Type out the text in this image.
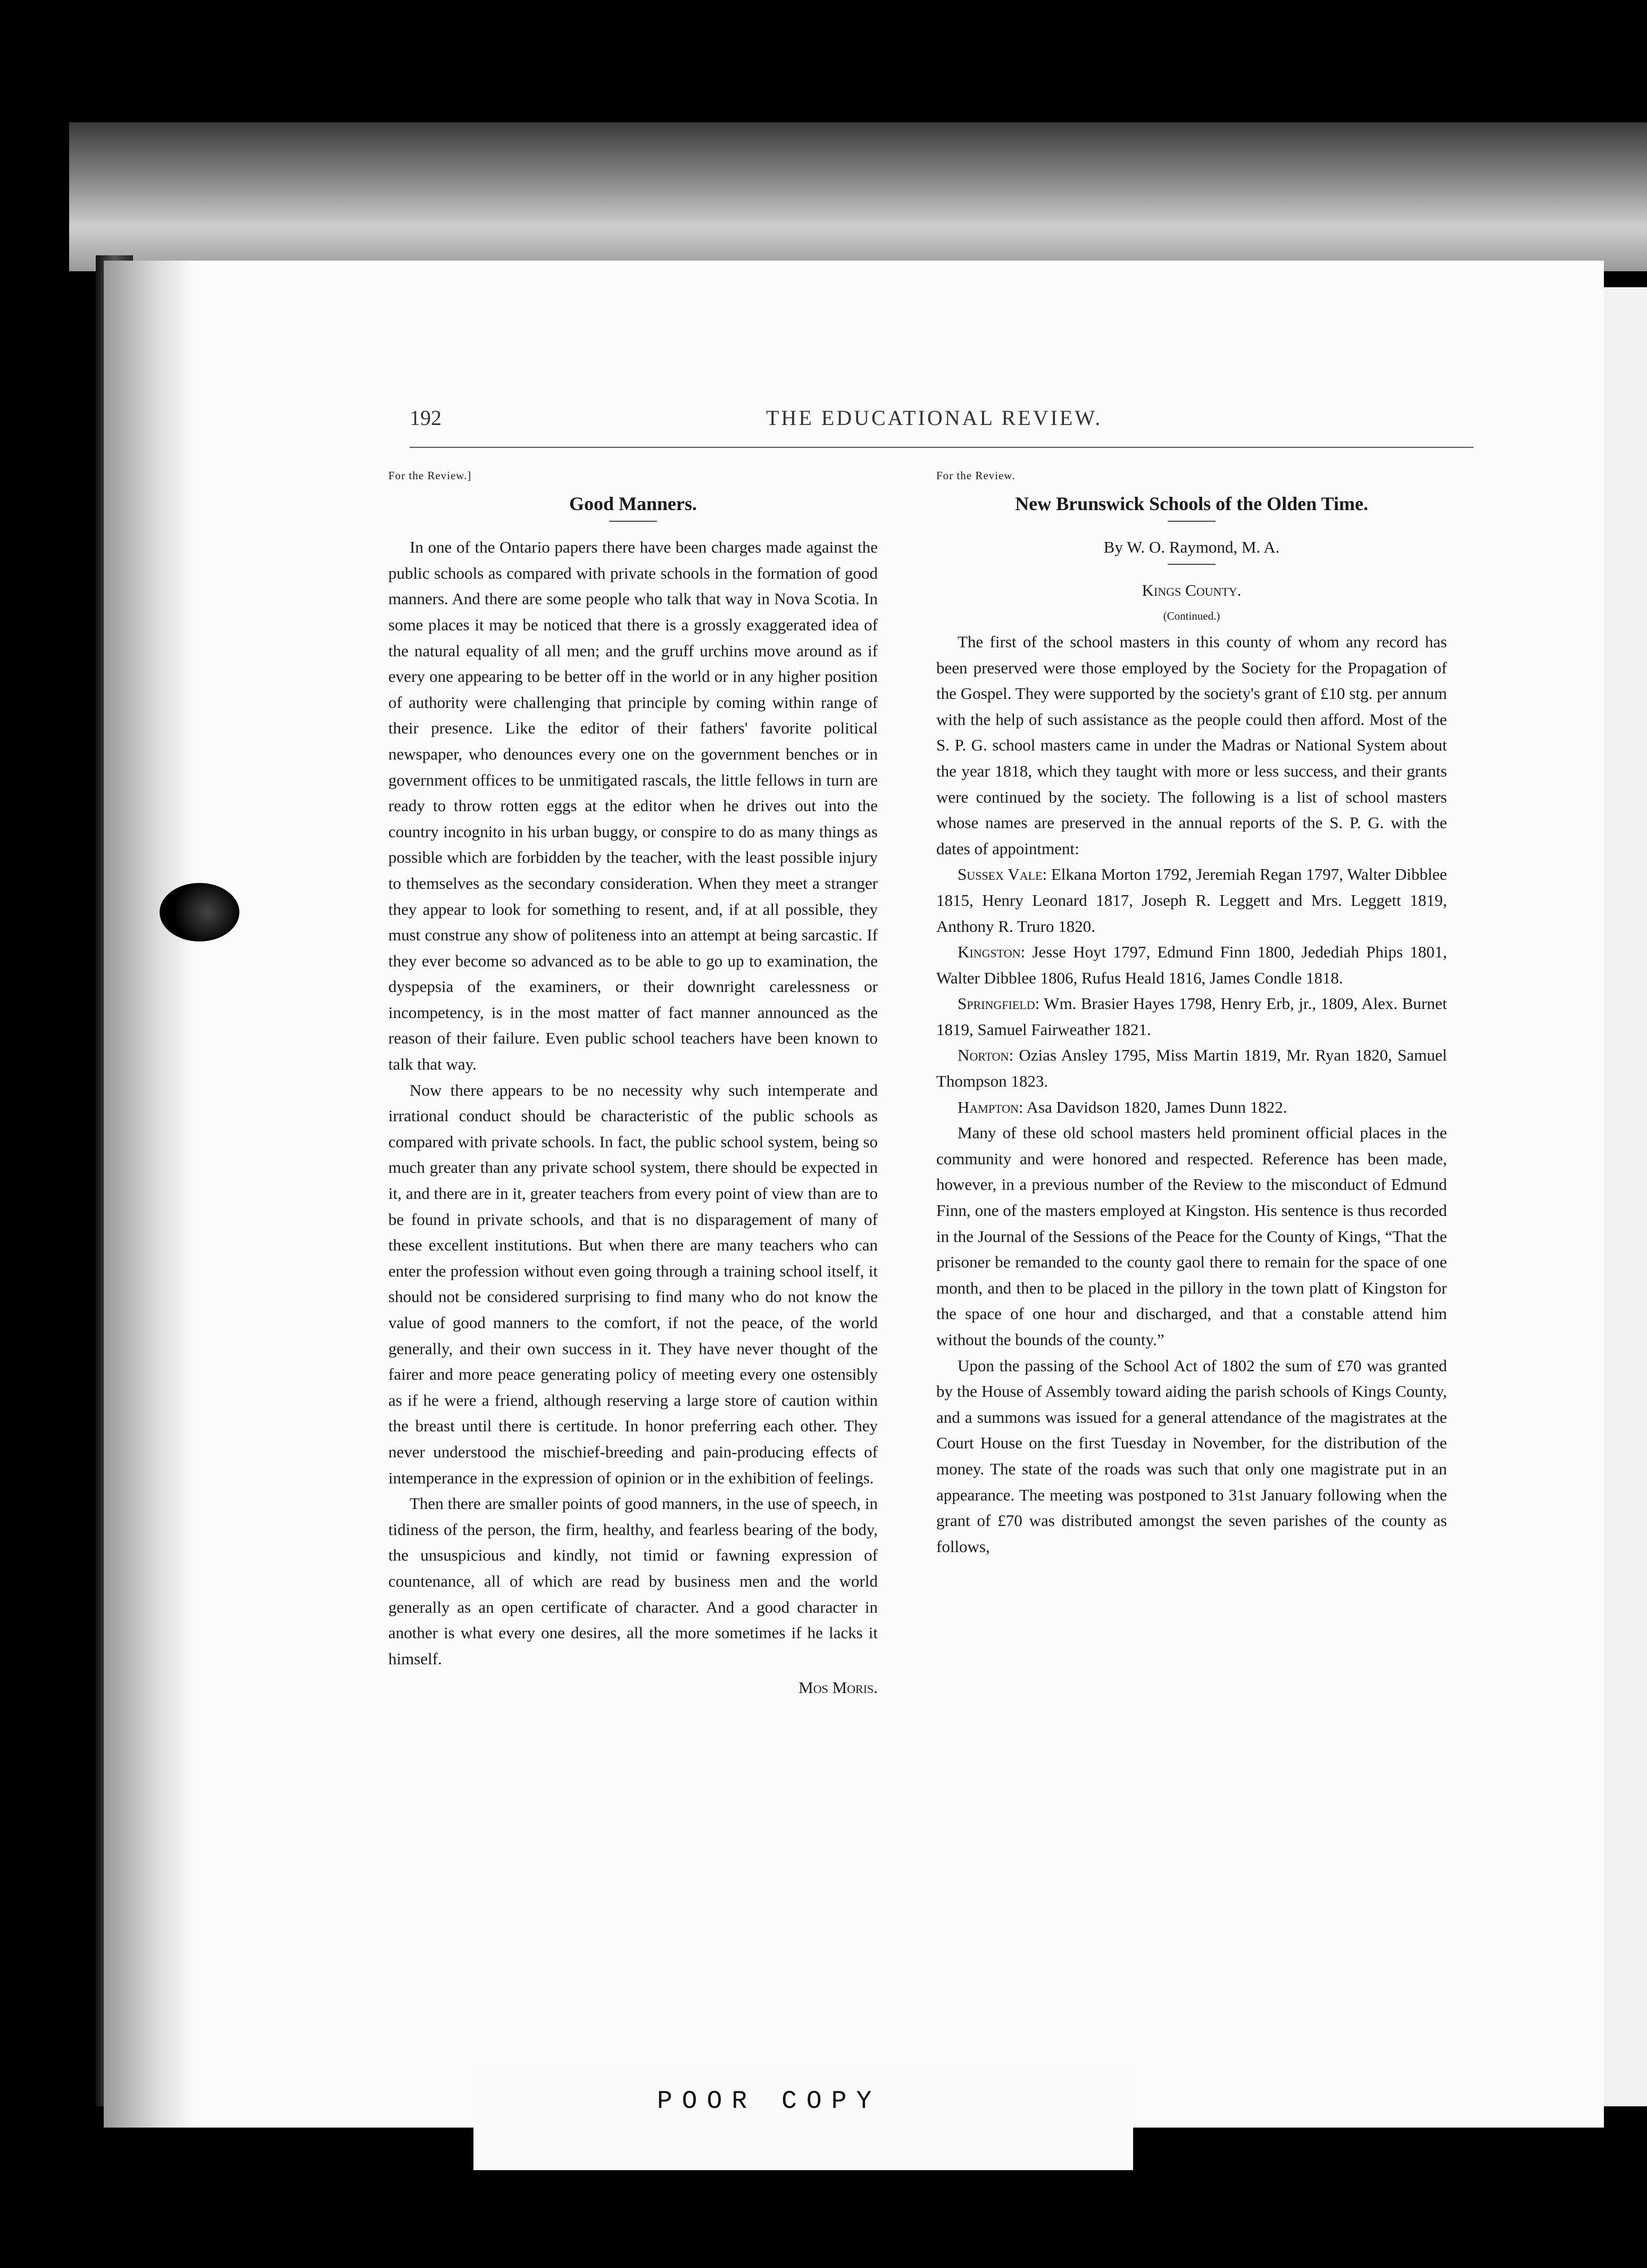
192	THE EDUCATIONAL REVIEW.
For the Review.]
Good Manners.

In one of the Ontario papers there have been charges made against the public schools as compared with private schools in the formation of good manners. And there are some people who talk that way in Nova Scotia. In some places it may be noticed that there is a grossly exaggerated idea of the natural equality of all men; and the gruff urchins move around as if every one appearing to be better off in the world or in any higher position of authority were challenging that principle by coming within range of their presence. Like the editor of their fathers' favorite political newspaper, who denounces every one on the government benches or in government offices to be unmitigated rascals, the little fellows in turn are ready to throw rotten eggs at the editor when he drives out into the country incognito in his urban buggy, or conspire to do as many things as possible which are forbidden by the teacher, with the least possible injury to themselves as the secondary consideration. When they meet a stranger they appear to look for something to resent, and, if at all possible, they must construe any show of politeness into an attempt at being sarcastic. If they ever become so advanced as to be able to go up to examination, the dyspepsia of the examiners, or their downright carelessness or incompetency, is in the most matter of fact manner announced as the reason of their failure. Even public school teachers have been known to talk that way.

Now there appears to be no necessity why such intemperate and irrational conduct should be characteristic of the public schools as compared with private schools. In fact, the public school system, being so much greater than any private school system, there should be expected in it, and there are in it, greater teachers from every point of view than are to be found in private schools, and that is no disparagement of many of these excellent institutions. But when there are many teachers who can enter the profession without even going through a training school itself, it should not be considered surprising to find many who do not know the value of good manners to the comfort, if not the peace, of the world generally, and their own success in it. They have never thought of the fairer and more peace generating policy of meeting every one ostensibly as if he were a friend, although reserving a large store of caution within the breast until there is certitude. In honor preferring each other. They never understood the mischief-breeding and pain-producing effects of intemperance in the expression of opinion or in the exhibition of feelings.

Then there are smaller points of good manners, in the use of speech, in tidiness of the person, the firm, healthy, and fearless bearing of the body, the unsuspicious and kindly, not timid or fawning expression of countenance, all of which are read by business men and the world generally as an open certificate of character. And a good character in another is what every one desires, all the more sometimes if he lacks it himself.

Mos Moris.
For the Review.
New Brunswick Schools of the Olden Time.
By W. O. Raymond, M. A.
Kings County.
(Continued.)

The first of the school masters in this county of whom any record has been preserved were those employed by the Society for the Propagation of the Gospel. They were supported by the society's grant of £10 stg. per annum with the help of such assistance as the people could then afford. Most of the S. P. G. school masters came in under the Madras or National System about the year 1818, which they taught with more or less success, and their grants were continued by the society. The following is a list of school masters whose names are preserved in the annual reports of the S. P. G. with the dates of appointment:

Sussex Vale: Elkana Morton 1792, Jeremiah Regan 1797, Walter Dibblee 1815, Henry Leonard 1817, Joseph R. Leggett and Mrs. Leggett 1819, Anthony R. Truro 1820.

Kingston: Jesse Hoyt 1797, Edmund Finn 1800, Jedediah Phips 1801, Walter Dibblee 1806, Rufus Heald 1816, James Condle 1818.

Springfield: Wm. Brasier Hayes 1798, Henry Erb, jr., 1809, Alex. Burnet 1819, Samuel Fairweather 1821.

Norton: Ozias Ansley 1795, Miss Martin 1819, Mr. Ryan 1820, Samuel Thompson 1823.

Hampton: Asa Davidson 1820, James Dunn 1822.

Many of these old school masters held prominent official places in the community and were honored and respected. Reference has been made, however, in a previous number of the Review to the misconduct of Edmund Finn, one of the masters employed at Kingston. His sentence is thus recorded in the Journal of the Sessions of the Peace for the County of Kings, “That the prisoner be remanded to the county gaol there to remain for the space of one month, and then to be placed in the pillory in the town platt of Kingston for the space of one hour and discharged, and that a constable attend him without the bounds of the county.”

Upon the passing of the School Act of 1802 the sum of £70 was granted by the House of Assembly toward aiding the parish schools of Kings County, and a summons was issued for a general attendance of the magistrates at the Court House on the first Tuesday in November, for the distribution of the money. The state of the roads was such that only one magistrate put in an appearance. The meeting was postponed to 31st January following when the grant of £70 was distributed amongst the seven parishes of the county as follows,

POOR COPY
